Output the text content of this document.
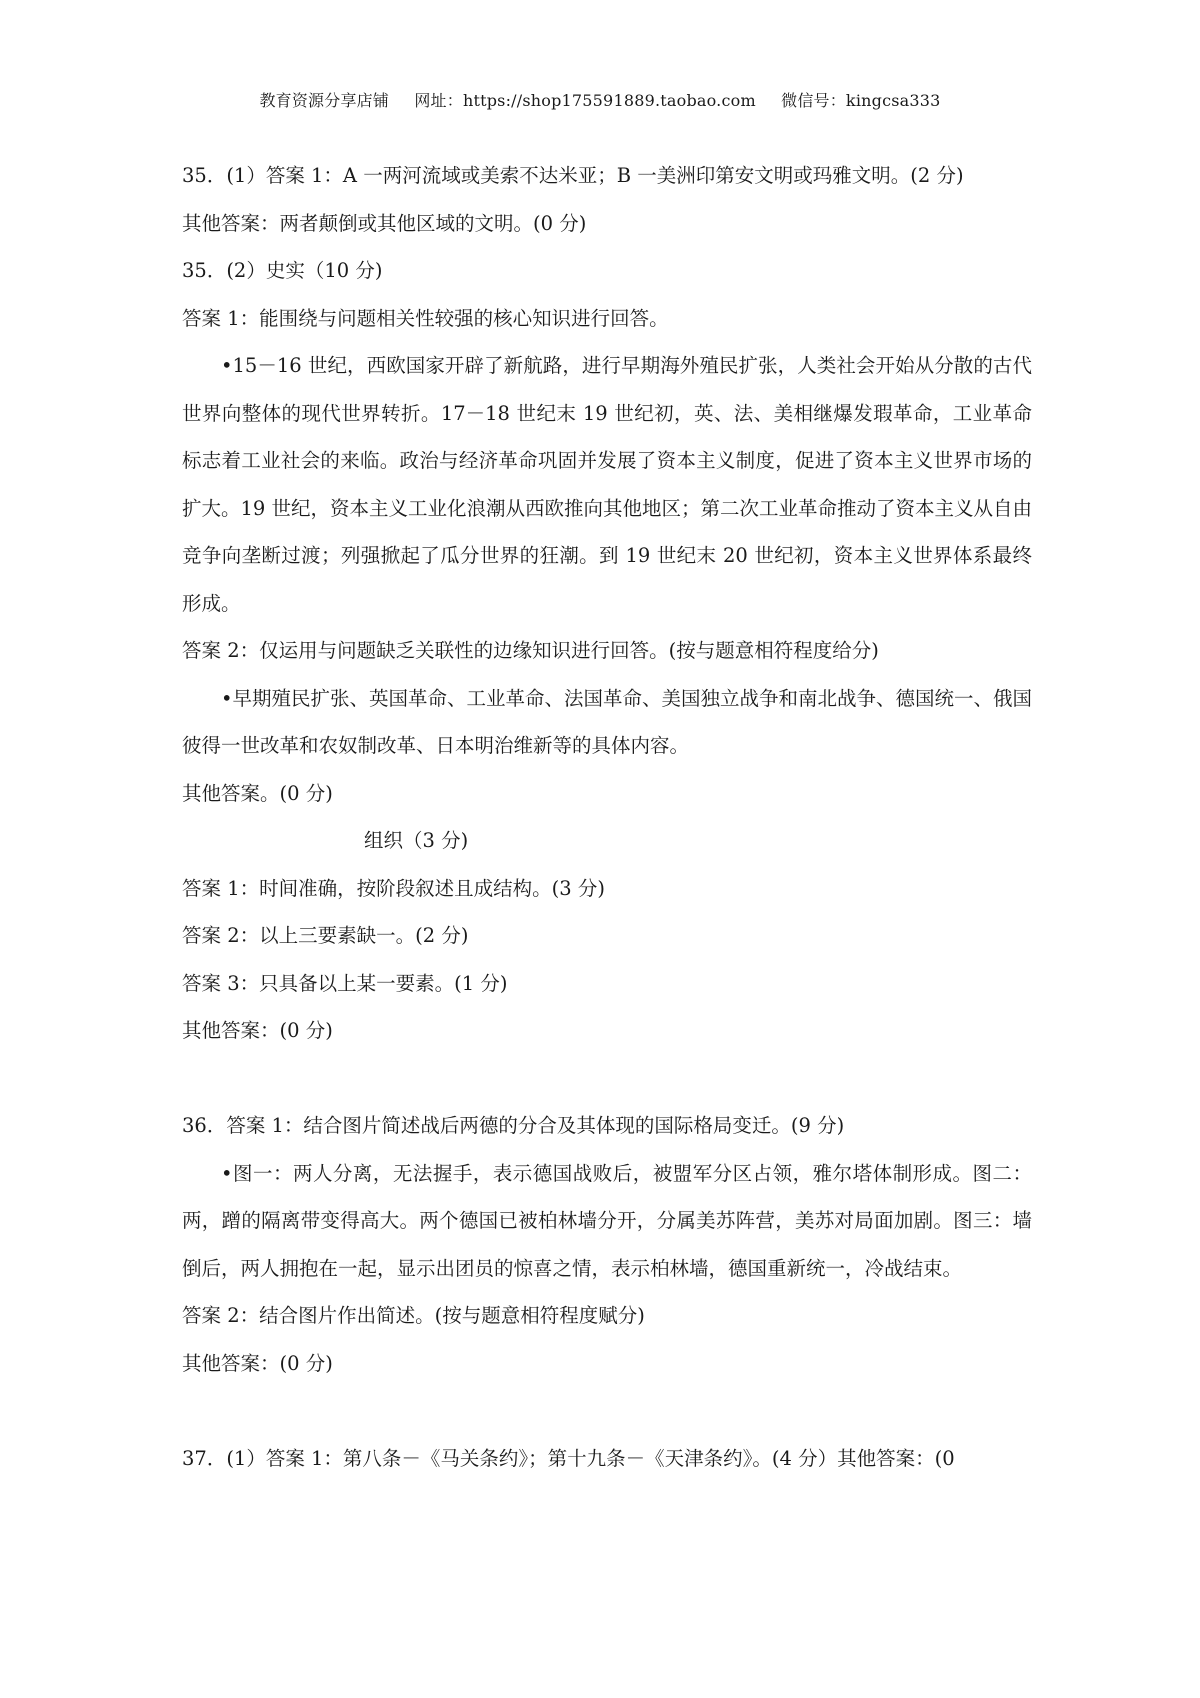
教育资源分享店铺 网址：https://shop175591889.taobao.com 微信号：kingcsa333
35．(1）答案 1：A 一两河流域或美索不达米亚；B 一美洲印第安文明或玛雅文明。(2 分)
其他答案：两者颠倒或其他区域的文明。(0 分)
35．(2）史实（10 分)
答案 1：能围绕与问题相关性较强的核心知识进行回答。
•15－16 世纪，西欧国家开辟了新航路，进行早期海外殖民扩张，人类社会开始从分散的古代世界向整体的现代世界转折。17－18 世纪末 19 世纪初，英、法、美相继爆发瑕革命，工业革命标志着工业社会的来临。政治与经济革命巩固并发展了资本主义制度，促进了资本主义世界市场的扩大。19 世纪，资本主义工业化浪潮从西欧推向其他地区；第二次工业革命推动了资本主义从自由竞争向垄断过渡；列强掀起了瓜分世界的狂潮。到 19 世纪末 20 世纪初，资本主义世界体系最终形成。
答案 2：仅运用与问题缺乏关联性的边缘知识进行回答。(按与题意相符程度给分)
•早期殖民扩张、英国革命、工业革命、法国革命、美国独立战争和南北战争、德国统一、俄国彼得一世改革和农奴制改革、日本明治维新等的具体内容。
其他答案。(0 分)
组织（3 分)
答案 1：时间准确，按阶段叙述且成结构。(3 分)
答案 2：以上三要素缺一。(2 分)
答案 3：只具备以上某一要素。(1 分)
其他答案：(0 分)
36．答案 1：结合图片简述战后两德的分合及其体现的国际格局变迁。(9 分)
•图一：两人分离，无法握手，表示德国战败后，被盟军分区占领，雅尔塔体制形成。图二：两，蹭的隔离带变得高大。两个德国已被柏林墙分开，分属美苏阵营，美苏对局面加剧。图三：墙倒后，两人拥抱在一起，显示出团员的惊喜之情，表示柏林墙，德国重新统一，冷战结束。
答案 2：结合图片作出简述。(按与题意相符程度赋分)
其他答案：(0 分)
37．(1）答案 1：第八条－《马关条约》；第十九条－《天津条约》。(4 分）其他答案：(0
